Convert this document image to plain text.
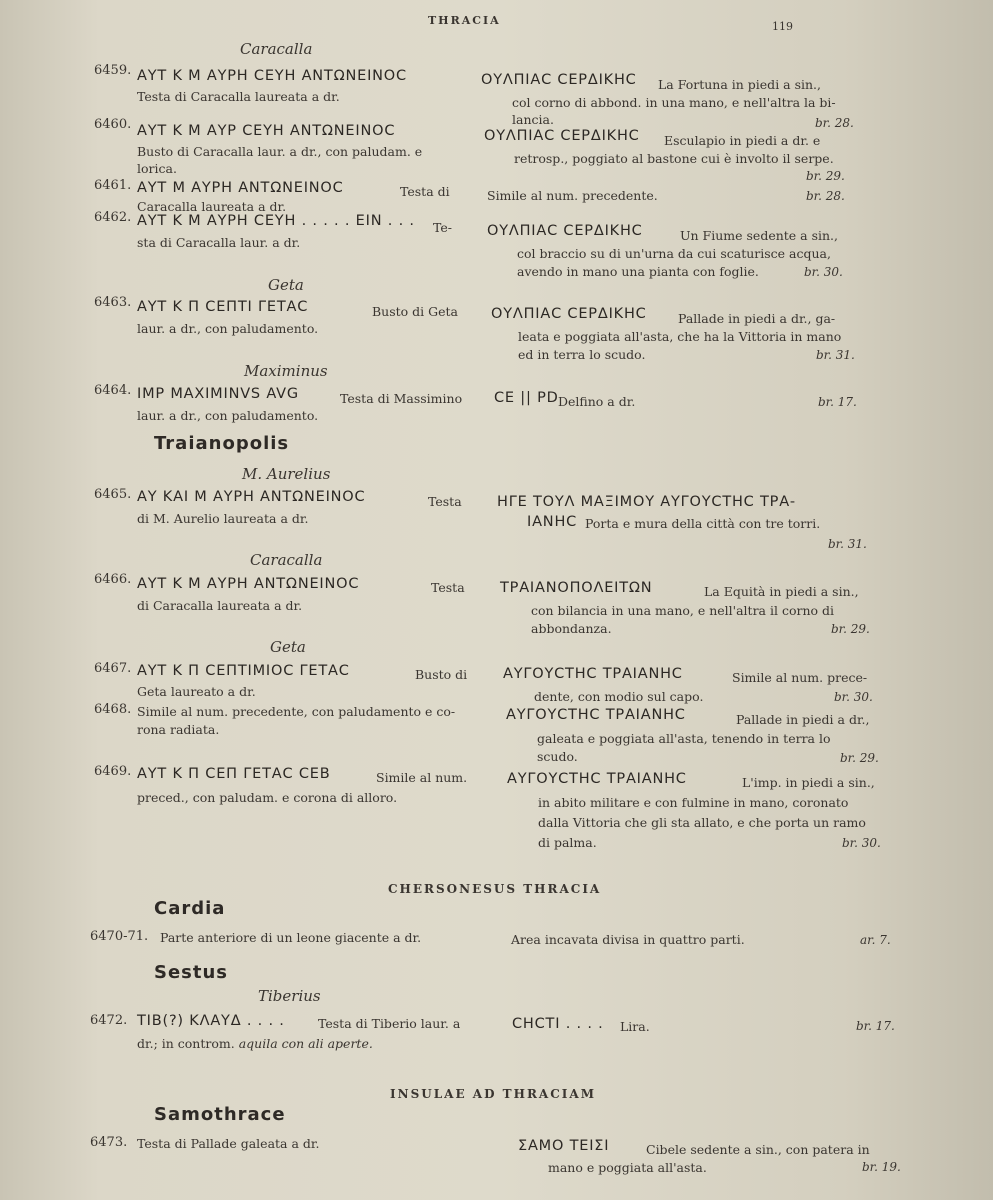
THRACIA	119
Caracalla
6459. ΑΥΤ Κ Μ ΑΥΡΗ CΕΥΗ ΑΝΤΩΝΕΙΝΟC
Testa di Caracalla laureata a dr.
ΟΥΛΠΙΑC CΕΡΔΙΚΗC La Fortuna in piedi a sin.,
col corno di abbond. in una mano, e nell'altra la bi-
lancia.	br. 28.
6460. ΑΥΤ Κ Μ ΑΥΡ CΕΥΗ ΑΝΤΩΝΕΙΝΟC
Busto di Caracalla laur. a dr., con paludam. e
lorica.
ΟΥΛΠΙΑC CΕΡΔΙΚΗC Esculapio in piedi a dr. e
retrosp., poggiato al bastone cui è involto il serpe.
br. 29.
6461. ΑΥΤ Μ ΑΥΡΗ ΑΝΤΩΝΕΙΝΟC	Testa di
Caracalla laureata a dr.
Simile al num. precedente.	br. 28.
6462. ΑΥΤ Κ Μ ΑΥΡΗ CΕΥΗ . . . . . ΕΙΝ . . . Te-
sta di Caracalla laur. a dr.
ΟΥΛΠΙΑC CΕΡΔΙΚΗC	Un Fiume sedente a sin.,
col braccio su di un'urna da cui scaturisce acqua,
avendo in mano una pianta con foglie.	br. 30.
Geta
6463. ΑΥΤ Κ Π CΕΠΤΙ ΓΕΤΑC	Busto di Geta
laur. a dr., con paludamento.
ΟΥΛΠΙΑC CΕΡΔΙΚΗC	Pallade in piedi a dr., ga-
leata e poggiata all'asta, che ha la Vittoria in mano
ed in terra lo scudo.	br. 31.
Maximinus
6464. IMP MAXIMINVS AVG	Testa di Massimino
laur. a dr., con paludamento.
CE || PD Delfino a dr.	br. 17.
Traianopolis
M. Aurelius
6465. ΑΥ ΚΑΙ Μ ΑΥΡΗ ΑΝΤΩΝΕΙΝΟC	Testa
di M. Aurelio laureata a dr.
ΗΓΕ ΤΟΥΛ ΜΑΞΙΜΟΥ ΑΥΓΟΥCΤΗC ΤΡΑ-
ΙΑΝΗC Porta e mura della città con tre torri.
br. 31.
Caracalla
6466. ΑΥΤ Κ Μ ΑΥΡΗ ΑΝΤΩΝΕΙΝΟC	Testa
di Caracalla laureata a dr.
ΤΡΑΙΑΝΟΠΟΛΕΙΤΩΝ	La Equità in piedi a sin.,
con bilancia in una mano, e nell'altra il corno di
abbondanza.	br. 29.
Geta
6467. ΑΥΤ Κ Π CΕΠΤΙΜΙΟC ΓΕΤΑC	Busto di
Geta laureato a dr.
ΑΥΓΟΥCΤΗC ΤΡΑΙΑΝΗC	Simile al num. prece-
dente, con modio sul capo.	br. 30.
6468. Simile al num. precedente, con paludamento e co-
rona radiata.
ΑΥΓΟΥCΤΗC ΤΡΑΙΑΝΗC	Pallade in piedi a dr.,
galeata e poggiata all'asta, tenendo in terra lo
scudo.	br. 29.
6469. ΑΥΤ Κ Π CΕΠ ΓΕΤΑC CΕΒ	Simile al num.
preced., con paludam. e corona di alloro.
ΑΥΓΟΥCΤΗC ΤΡΑΙΑΝΗC	L'imp. in piedi a sin.,
in abito militare e con fulmine in mano, coronato
dalla Vittoria che gli sta allato, e che porta un ramo
di palma.	br. 30.
CHERSONESUS THRACIA
Cardia
6470-71. Parte anteriore di un leone giacente a dr.	Area incavata divisa in quattro parti.	ar. 7.
Sestus
Tiberius
6472. ΤΙΒ(?) ΚΛΑΥΔ . . . .	Testa di Tiberio laur. a
dr.; in controm. aquila con ali aperte.
CΗCΤΙ . . . . Lira.	br. 17.
INSULAE AD THRACIAM
Samothrace
6473. Testa di Pallade galeata a dr.	ΣΑΜΟ ΤΕΙΣΙ	Cibele sedente a sin., con patera in
mano e poggiata all'asta.	br. 19.
